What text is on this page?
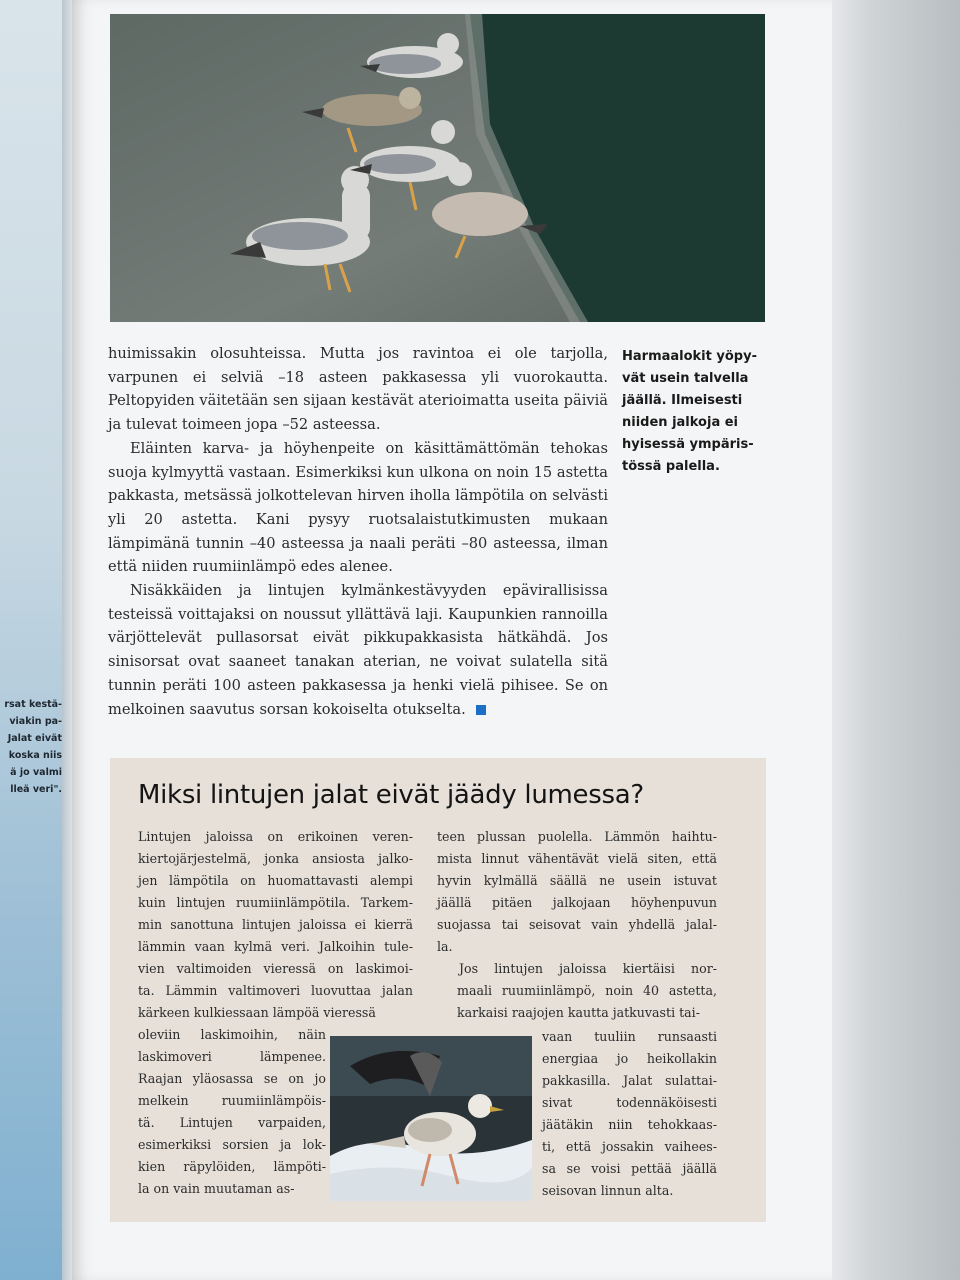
rsat kestä-
viakin pa-
Jalat eivät
koska niis
ä jo valmi
lleä veri".
Harmaalokit yöpy-
vät usein talvella
jäällä. Ilmeisesti
niiden jalkoja ei
hyisessä ympäris-
tössä palella.

huimissakin olosuhteissa. Mutta jos ravintoa ei ole tarjolla, varpunen ei selviä –18 asteen pakkasessa yli vuorokautta. Peltopyiden väitetään sen sijaan kestävät aterioimatta useita päiviä ja tulevat toimeen jopa –52 asteessa.

Eläinten karva- ja höyhenpeite on käsittämättömän tehokas suoja kylmyyttä vastaan. Esimerkiksi kun ulkona on noin 15 astetta pakkasta, metsässä jolkottelevan hirven iholla lämpötila on selvästi yli 20 astetta. Kani pysyy ruotsalaistutkimusten mukaan lämpimänä tunnin –40 asteessa ja naali peräti –80 asteessa, ilman että niiden ruumiinlämpö edes alenee.

Nisäkkäiden ja lintujen kylmänkestävyyden epävirallisissa testeissä voittajaksi on noussut yllättävä laji. Kaupunkien rannoilla värjöttelevät pullasorsat eivät pikkupakkasista hätkähdä. Jos sinisorsat ovat saaneet tanakan aterian, ne voivat sulatella sitä tunnin peräti 100 asteen pakkasessa ja henki vielä pihisee. Se on melkoinen saavutus sorsan kokoiselta otukselta.

Miksi lintujen jalat eivät jäädy lumessa?
Lintujen jaloissa on erikoinen veren-
kiertojärjestelmä, jonka ansiosta jalko-
jen lämpötila on huomattavasti alempi
kuin lintujen ruumiinlämpötila. Tarkem-
min sanottuna lintujen jaloissa ei kierrä
lämmin vaan kylmä veri. Jalkoihin tule-
vien valtimoiden vieressä on laskimoi-
ta. Lämmin valtimoveri luovuttaa jalan
kärkeen kulkiessaan lämpöä vieressä
oleviin laskimoihin, näin
laskimoveri lämpenee.
Raajan yläosassa se on jo
melkein ruumiinlämpöis-
tä. Lintujen varpaiden,
esimerkiksi sorsien ja lok-
kien räpylöiden, lämpöti-
la on vain muutaman as-

teen plussan puolella. Lämmön haihtu-
mista linnut vähentävät vielä siten, että
hyvin kylmällä säällä ne usein istuvat
jäällä pitäen jalkojaan höyhenpuvun
suojassa tai seisovat vain yhdellä jalal-
la.

Jos lintujen jaloissa kiertäisi nor-
maali ruumiinlämpö, noin 40 astetta,
karkaisi raajojen kautta jatkuvasti tai-

vaan tuuliin runsaasti
energiaa jo heikollakin
pakkasilla. Jalat sulattai-
sivat todennäköisesti
jäätäkin niin tehokkaas-
ti, että jossakin vaihees-
sa se voisi pettää jäällä
seisovan linnun alta.
